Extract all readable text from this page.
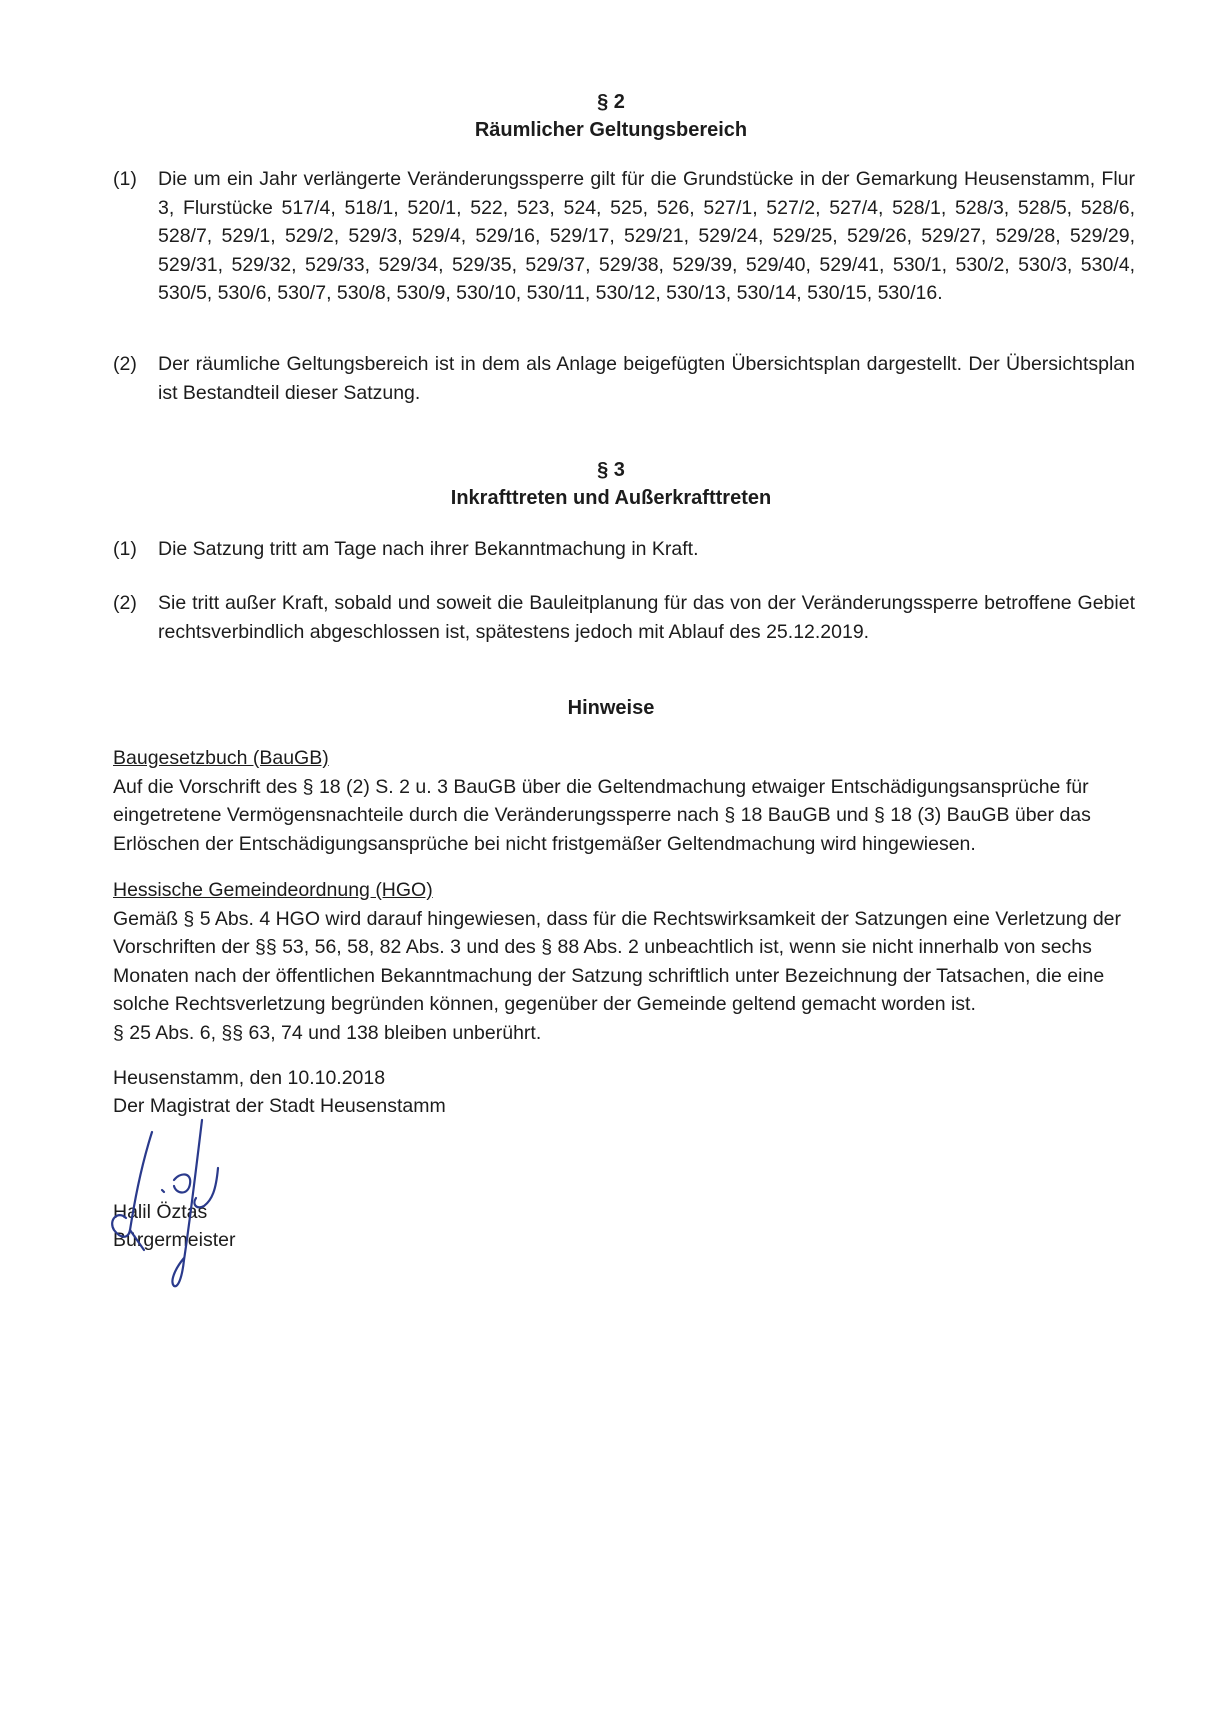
§ 2
Räumlicher Geltungsbereich
(1) Die um ein Jahr verlängerte Veränderungssperre gilt für die Grundstücke in der Gemarkung Heusenstamm, Flur 3, Flurstücke 517/4, 518/1, 520/1, 522, 523, 524, 525, 526, 527/1, 527/2, 527/4, 528/1, 528/3, 528/5, 528/6, 528/7, 529/1, 529/2, 529/3, 529/4, 529/16, 529/17, 529/21, 529/24, 529/25, 529/26, 529/27, 529/28, 529/29, 529/31, 529/32, 529/33, 529/34, 529/35, 529/37, 529/38, 529/39, 529/40, 529/41, 530/1, 530/2, 530/3, 530/4, 530/5, 530/6, 530/7, 530/8, 530/9, 530/10, 530/11, 530/12, 530/13, 530/14, 530/15, 530/16.
(2) Der räumliche Geltungsbereich ist in dem als Anlage beigefügten Übersichtsplan dargestellt. Der Übersichtsplan ist Bestandteil dieser Satzung.
§ 3
Inkrafttreten und Außerkrafttreten
(1) Die Satzung tritt am Tage nach ihrer Bekanntmachung in Kraft.
(2) Sie tritt außer Kraft, sobald und soweit die Bauleitplanung für das von der Veränderungssperre betroffene Gebiet rechtsverbindlich abgeschlossen ist, spätestens jedoch mit Ablauf des 25.12.2019.
Hinweise
Baugesetzbuch (BauGB)
Auf die Vorschrift des § 18 (2) S. 2 u. 3 BauGB über die Geltendmachung etwaiger Entschädigungsansprüche für eingetretene Vermögensnachteile durch die Veränderungssperre nach § 18 BauGB und § 18 (3) BauGB über das Erlöschen der Entschädigungsansprüche bei nicht fristgemäßer Geltendmachung wird hingewiesen.
Hessische Gemeindeordnung (HGO)
Gemäß § 5 Abs. 4 HGO wird darauf hingewiesen, dass für die Rechtswirksamkeit der Satzungen eine Verletzung der Vorschriften der §§ 53, 56, 58, 82 Abs. 3 und des § 88 Abs. 2 unbeachtlich ist, wenn sie nicht innerhalb von sechs Monaten nach der öffentlichen Bekanntmachung der Satzung schriftlich unter Bezeichnung der Tatsachen, die eine solche Rechtsverletzung begründen können, gegenüber der Gemeinde geltend gemacht worden ist.
§ 25 Abs. 6, §§ 63, 74 und 138 bleiben unberührt.
Heusenstamm, den 10.10.2018
Der Magistrat der Stadt Heusenstamm
Halil Öztas
Bürgermeister
